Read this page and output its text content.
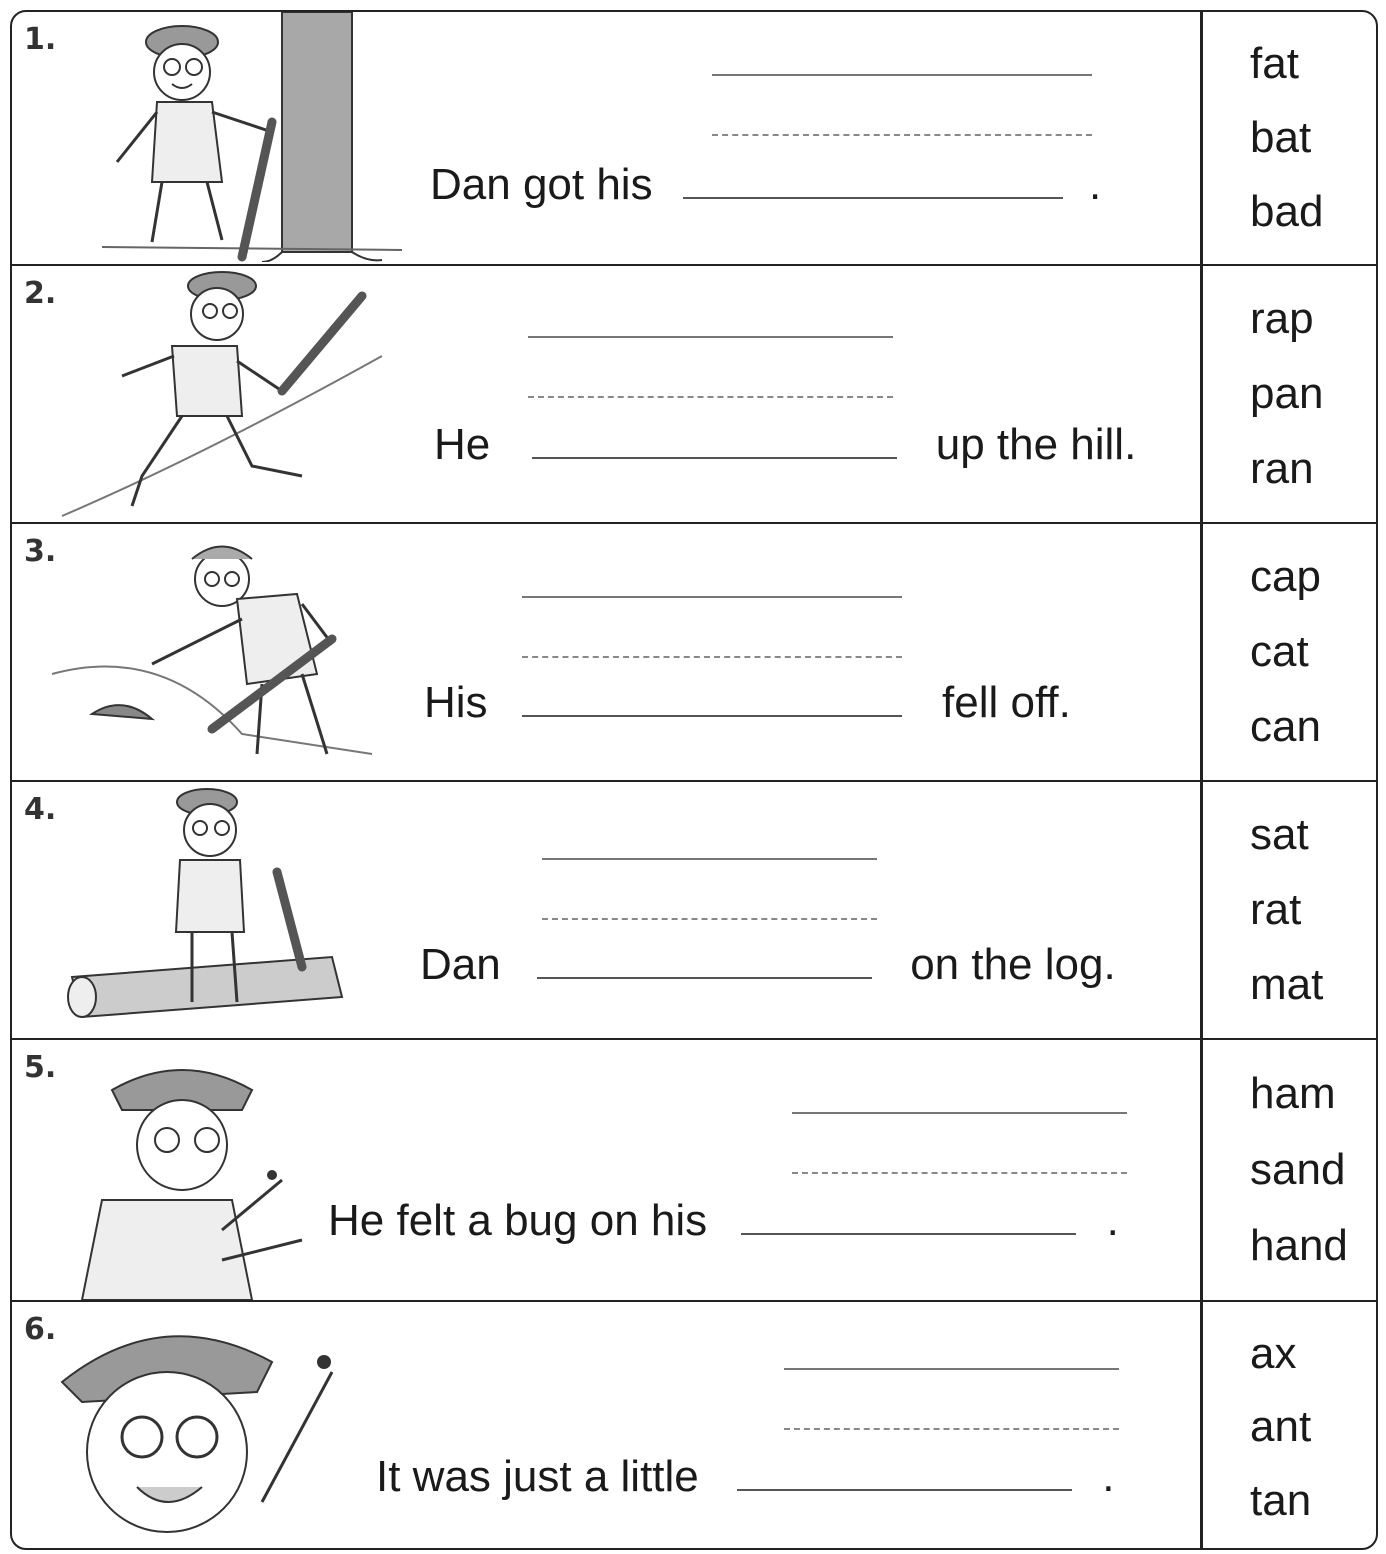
1.
Dan got his	.
fat
bat
bad
2.
He	up the hill.
rap
pan
ran
3.
His	fell off.
cap
cat
can
4.
Dan	on the log.
sat
rat
mat
5.
He felt a bug on his	.
ham
sand
hand
6.
It was just a little	.
ax
ant
tan
